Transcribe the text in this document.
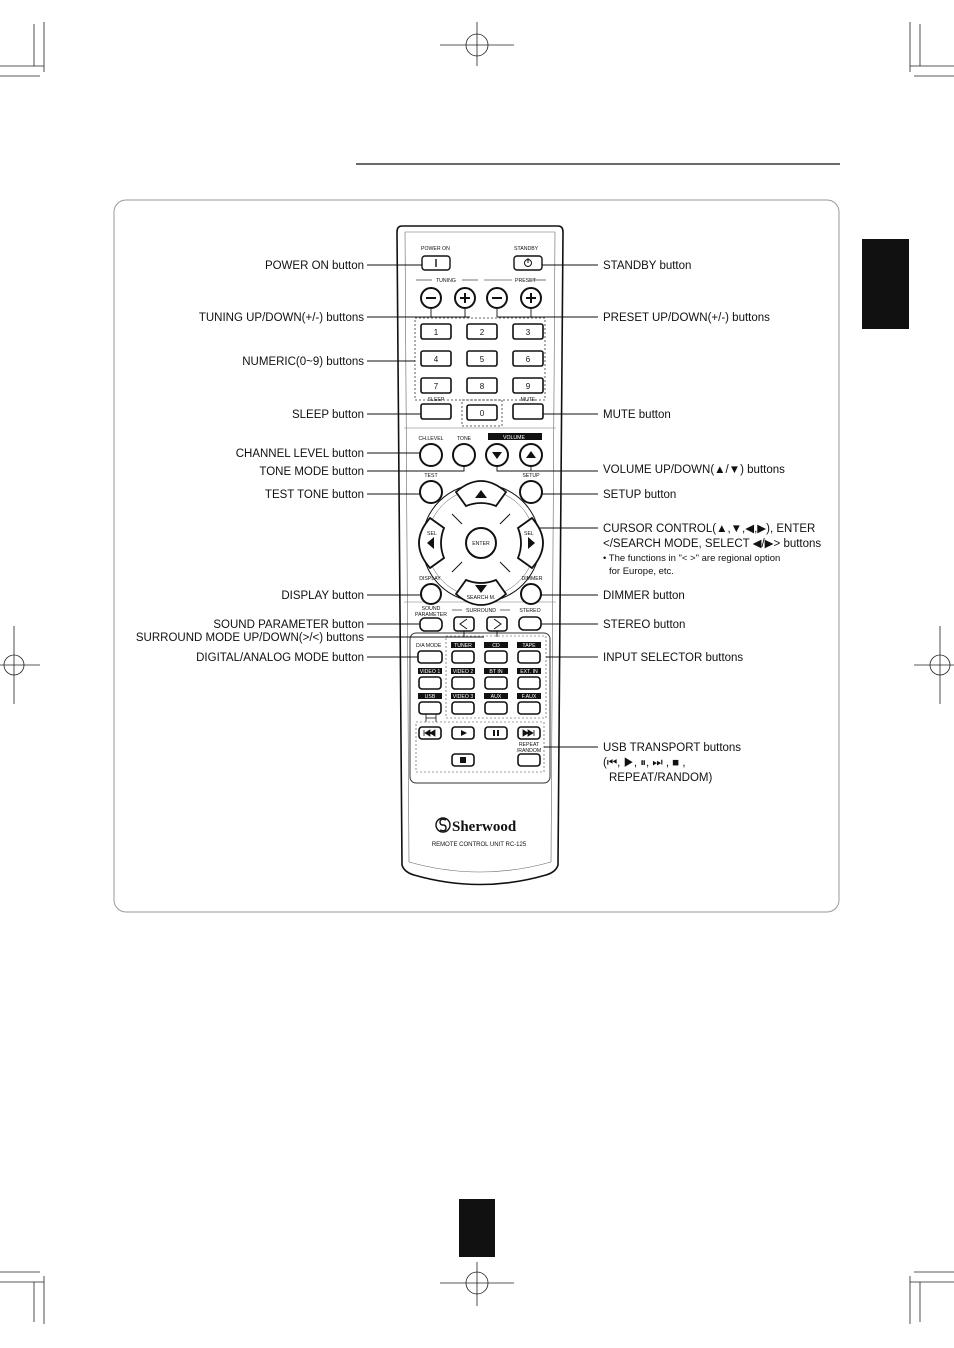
POWER ON	STANDBY
TUNING	PRESET
1	2	3
4	5	6
7	8	9
0
SLEEP	MUTE
CH.LEVEL	TONE	VOLUME
TEST	SETUP
ENTER
SEL	SEL
SEARCH M.
DISPLAY	DIMMER
SOUND
PARAMETER
SURROUND	STEREO
D/A MODE TUNER	CD	TAPE
VIDEO 1 VIDEO 2	BT IN	EXT. IN
USB	VIDEO 3	AUX	F.AUX
REPEAT
/RANDOM
Sherwood
REMOTE CONTROL UNIT RC-125
POWER ON button
TUNING UP/DOWN(+/-) buttons
NUMERIC(0~9) buttons
SLEEP button
CHANNEL LEVEL button
TONE MODE button
TEST TONE button
DISPLAY button
SOUND PARAMETER button
SURROUND MODE UP/DOWN(>/<) buttons
DIGITAL/ANALOG MODE button
STANDBY button
PRESET UP/DOWN(+/-) buttons
MUTE button
VOLUME UP/DOWN(▲/▼) buttons
SETUP button
CURSOR CONTROL(▲,▼,◀,▶), ENTER
</SEARCH MODE, SELECT ◀/▶> buttons
• The functions in "< >" are regional option
for Europe, etc.
DIMMER button
STEREO button
INPUT SELECTOR buttons
USB TRANSPORT buttons
(⏮, ▶, ⏸, ⏭ , ■ ,
REPEAT/RANDOM)
